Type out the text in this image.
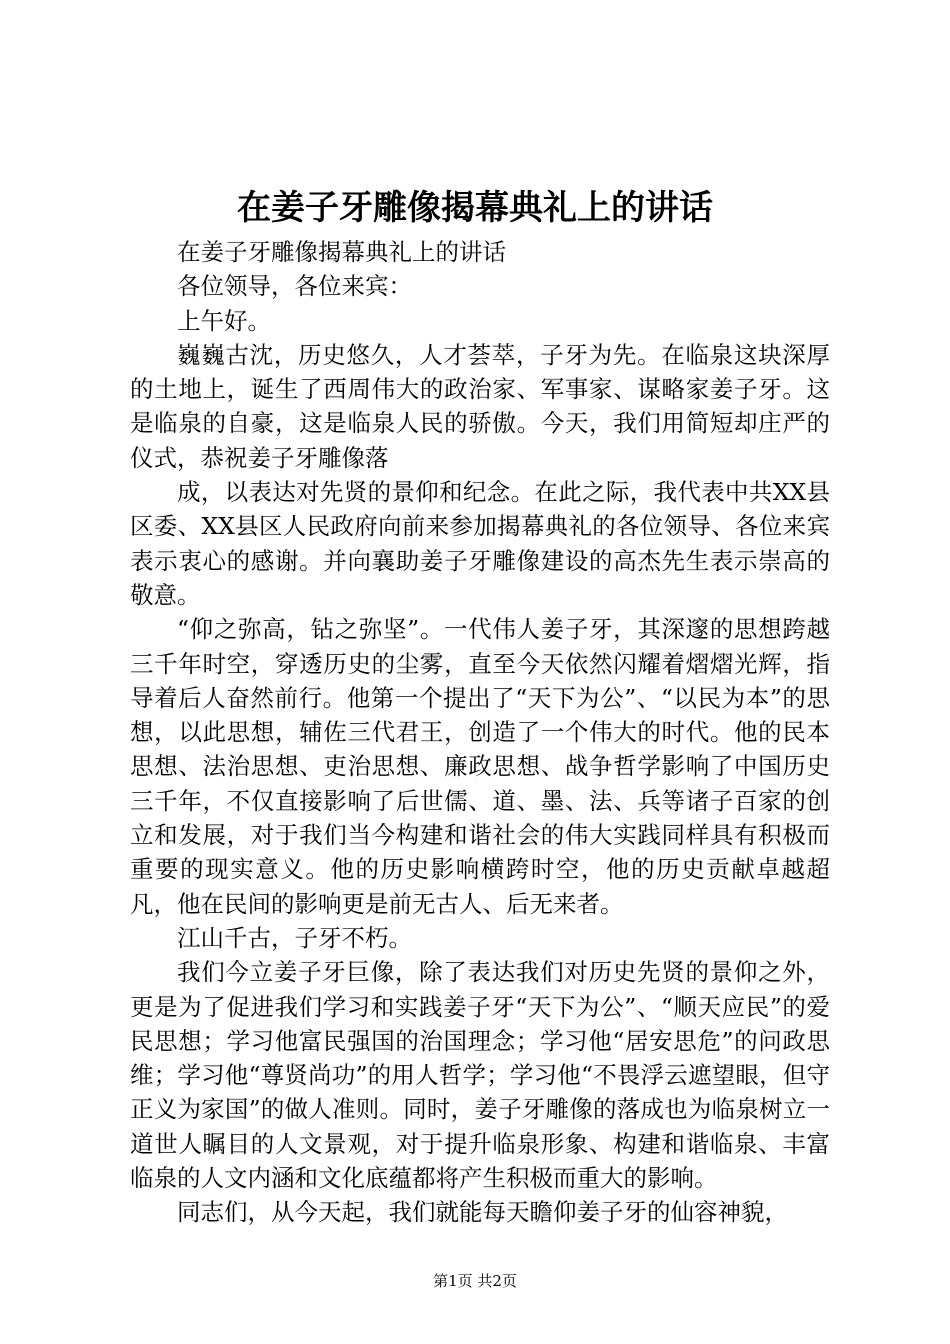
在姜子牙雕像揭幕典礼上的讲话

在姜子牙雕像揭幕典礼上的讲话

各位领导，各位来宾：

上午好。

巍巍古沈，历史悠久，人才荟萃，子牙为先。在临泉这块深厚的土地上，诞生了西周伟大的政治家、军事家、谋略家姜子牙。这是临泉的自豪，这是临泉人民的骄傲。今天，我们用简短却庄严的仪式，恭祝姜子牙雕像落

成，以表达对先贤的景仰和纪念。在此之际，我代表中共XX县区委、XX县区人民政府向前来参加揭幕典礼的各位领导、各位来宾表示衷心的感谢。并向襄助姜子牙雕像建设的高杰先生表示崇高的敬意。

“仰之弥高，钻之弥坚”。一代伟人姜子牙，其深邃的思想跨越三千年时空，穿透历史的尘雾，直至今天依然闪耀着熠熠光辉，指导着后人奋然前行。他第一个提出了“天下为公”、“以民为本”的思想，以此思想，辅佐三代君王，创造了一个伟大的时代。他的民本思想、法治思想、吏治思想、廉政思想、战争哲学影响了中国历史三千年，不仅直接影响了后世儒、道、墨、法、兵等诸子百家的创立和发展，对于我们当今构建和谐社会的伟大实践同样具有积极而重要的现实意义。他的历史影响横跨时空，他的历史贡献卓越超凡，他在民间的影响更是前无古人、后无来者。

江山千古，子牙不朽。

我们今立姜子牙巨像，除了表达我们对历史先贤的景仰之外，更是为了促进我们学习和实践姜子牙“天下为公”、“顺天应民”的爱民思想；学习他富民强国的治国理念；学习他“居安思危”的问政思维；学习他“尊贤尚功”的用人哲学；学习他“不畏浮云遮望眼，但守正义为家国”的做人准则。同时，姜子牙雕像的落成也为临泉树立一道世人瞩目的人文景观，对于提升临泉形象、构建和谐临泉、丰富临泉的人文内涵和文化底蕴都将产生积极而重大的影响。

同志们，从今天起，我们就能每天瞻仰姜子牙的仙容神貌，

第1页 共2页
